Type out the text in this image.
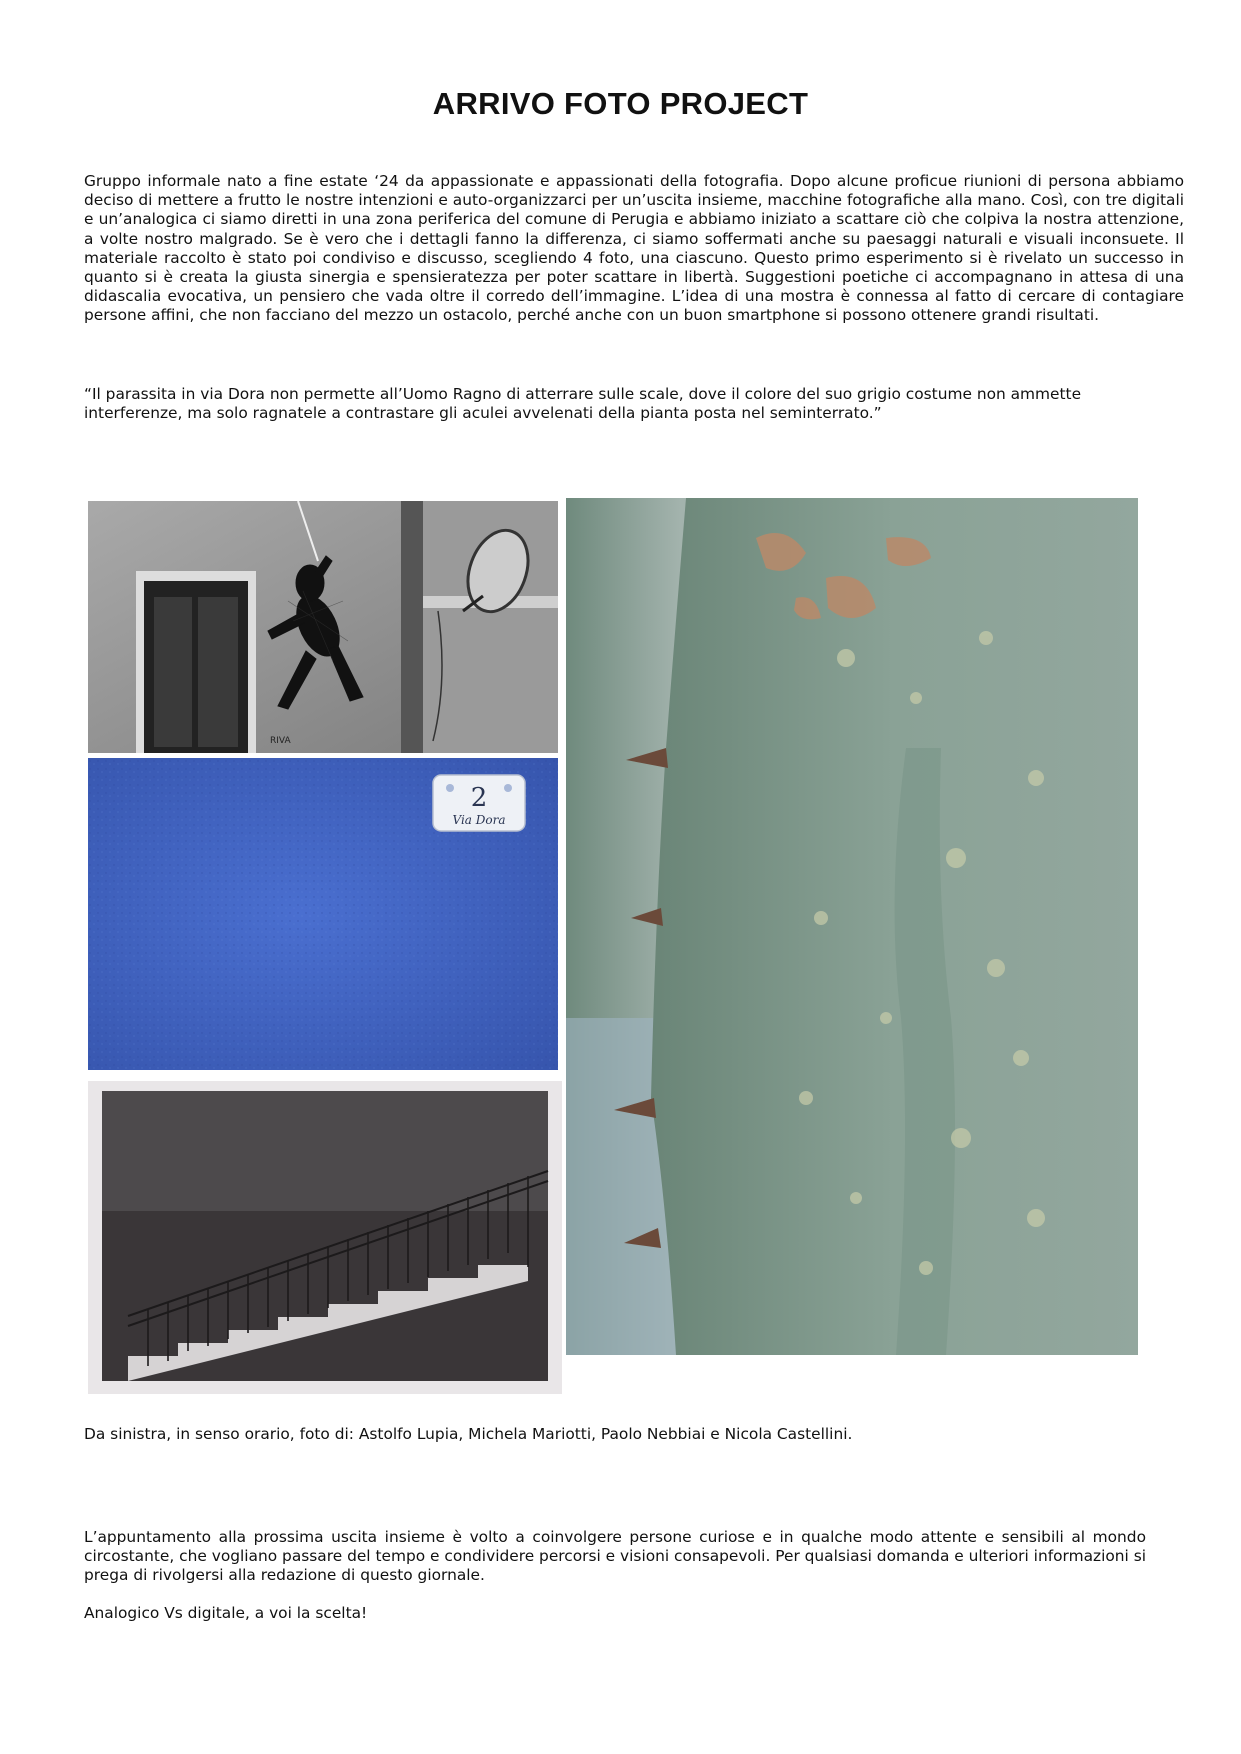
ARRIVO FOTO PROJECT

Gruppo informale nato a fine estate ‘24 da appassionate e appassionati della fotografia. Dopo alcune proficue riunioni di persona abbiamo deciso di mettere a frutto le nostre intenzioni e auto-organizzarci per un’uscita insieme, macchine fotografiche alla mano. Così, con tre digitali e un’analogica ci siamo diretti in una zona periferica del comune di Perugia e abbiamo iniziato a scattare ciò che colpiva la nostra attenzione, a volte nostro malgrado. Se è vero che i dettagli fanno la differenza, ci siamo soffermati anche su paesaggi naturali e visuali inconsuete. Il materiale raccolto è stato poi condiviso e discusso, scegliendo 4 foto, una ciascuno. Questo primo esperimento si è rivelato un successo in quanto si è creata la giusta sinergia e spensieratezza per poter scattare in libertà. Suggestioni poetiche ci accompagnano in attesa di una didascalia evocativa, un pensiero che vada oltre il corredo dell’immagine. L’idea di una mostra è connessa al fatto di cercare di contagiare persone affini, che non facciano del mezzo un ostacolo, perché anche con un buon smartphone si possono ottenere grandi risultati.

“Il parassita in via Dora non permette all’Uomo Ragno di atterrare sulle scale, dove il colore del suo grigio costume non ammette interferenze, ma solo ragnatele a contrastare gli aculei avvelenati della pianta posta nel seminterrato.”

RIVA
2
Via Dora

Da sinistra, in senso orario, foto di: Astolfo Lupia, Michela Mariotti, Paolo Nebbiai e Nicola Castellini.

L’appuntamento alla prossima uscita insieme è volto a coinvolgere persone curiose e in qualche modo attente e sensibili al mondo circostante, che vogliano passare del tempo e condividere percorsi e visioni consapevoli. Per qualsiasi domanda e ulteriori informazioni si prega di rivolgersi alla redazione di questo giornale.

Analogico Vs digitale, a voi la scelta!
